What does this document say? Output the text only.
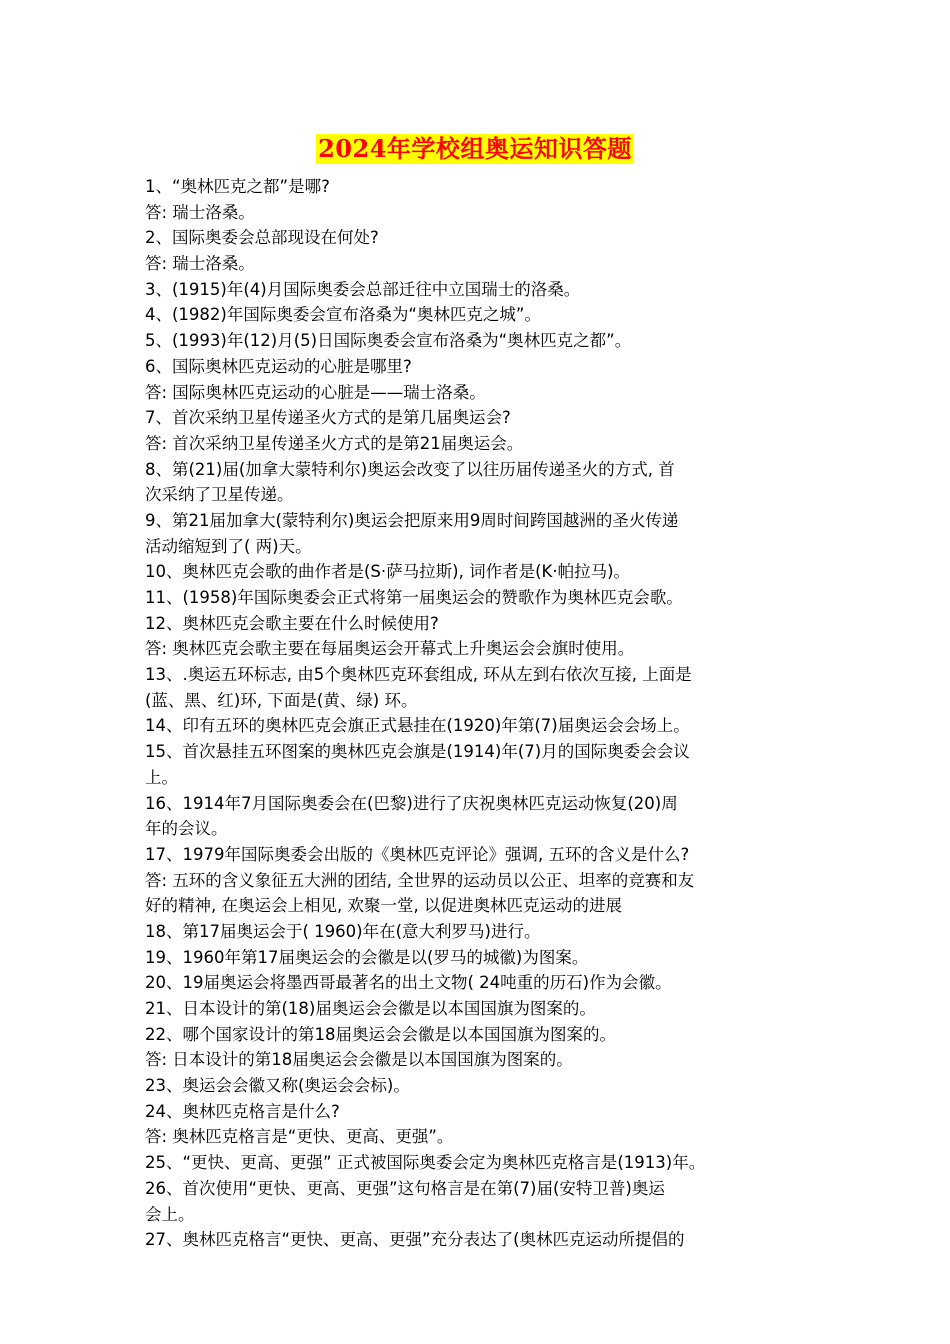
2024年学校组奥运知识答题
1、“奥林匹克之都”是哪?
答: 瑞士洛桑。
2、国际奥委会总部现设在何处?
答: 瑞士洛桑。
3、(1915)年(4)月国际奥委会总部迁往中立国瑞士的洛桑。
4、(1982)年国际奥委会宣布洛桑为“奥林匹克之城”。
5、(1993)年(12)月(5)日国际奥委会宣布洛桑为“奥林匹克之都”。
6、国际奥林匹克运动的心脏是哪里?
答: 国际奥林匹克运动的心脏是——瑞士洛桑。
7、首次采纳卫星传递圣火方式的是第几届奥运会?
答: 首次采纳卫星传递圣火方式的是第21届奥运会。
8、第(21)届(加拿大蒙特利尔)奥运会改变了以往历届传递圣火的方式, 首
次采纳了卫星传递。
9、第21届加拿大(蒙特利尔)奥运会把原来用9周时间跨国越洲的圣火传递
活动缩短到了( 两)天。
10、奥林匹克会歌的曲作者是(S·萨马拉斯), 词作者是(K·帕拉马)。
11、(1958)年国际奥委会正式将第一届奥运会的赞歌作为奥林匹克会歌。
12、奥林匹克会歌主要在什么时候使用?
答: 奥林匹克会歌主要在每届奥运会开幕式上升奥运会会旗时使用。
13、.奥运五环标志, 由5个奥林匹克环套组成, 环从左到右依次互接, 上面是
(蓝、黑、红)环, 下面是(黄、绿) 环。
14、印有五环的奥林匹克会旗正式悬挂在(1920)年第(7)届奥运会会场上。
15、首次悬挂五环图案的奥林匹克会旗是(1914)年(7)月的国际奥委会会议
上。
16、1914年7月国际奥委会在(巴黎)进行了庆祝奥林匹克运动恢复(20)周
年的会议。
17、1979年国际奥委会出版的《奥林匹克评论》强调, 五环的含义是什么?
答: 五环的含义象征五大洲的团结, 全世界的运动员以公正、坦率的竞赛和友
好的精神, 在奥运会上相见, 欢聚一堂, 以促进奥林匹克运动的进展
18、第17届奥运会于( 1960)年在(意大利罗马)进行。
19、1960年第17届奥运会的会徽是以(罗马的城徽)为图案。
20、19届奥运会将墨西哥最著名的出土文物( 24吨重的历石)作为会徽。
21、日本设计的第(18)届奥运会会徽是以本国国旗为图案的。
22、哪个国家设计的第18届奥运会会徽是以本国国旗为图案的。
答: 日本设计的第18届奥运会会徽是以本国国旗为图案的。
23、奥运会会徽又称(奥运会会标)。
24、奥林匹克格言是什么?
答: 奥林匹克格言是“更快、更高、更强”。
25、“更快、更高、更强” 正式被国际奥委会定为奥林匹克格言是(1913)年。
26、首次使用“更快、更高、更强”这句格言是在第(7)届(安特卫普)奥运
会上。
27、奥林匹克格言“更快、更高、更强”充分表达了(奥林匹克运动所提倡的
